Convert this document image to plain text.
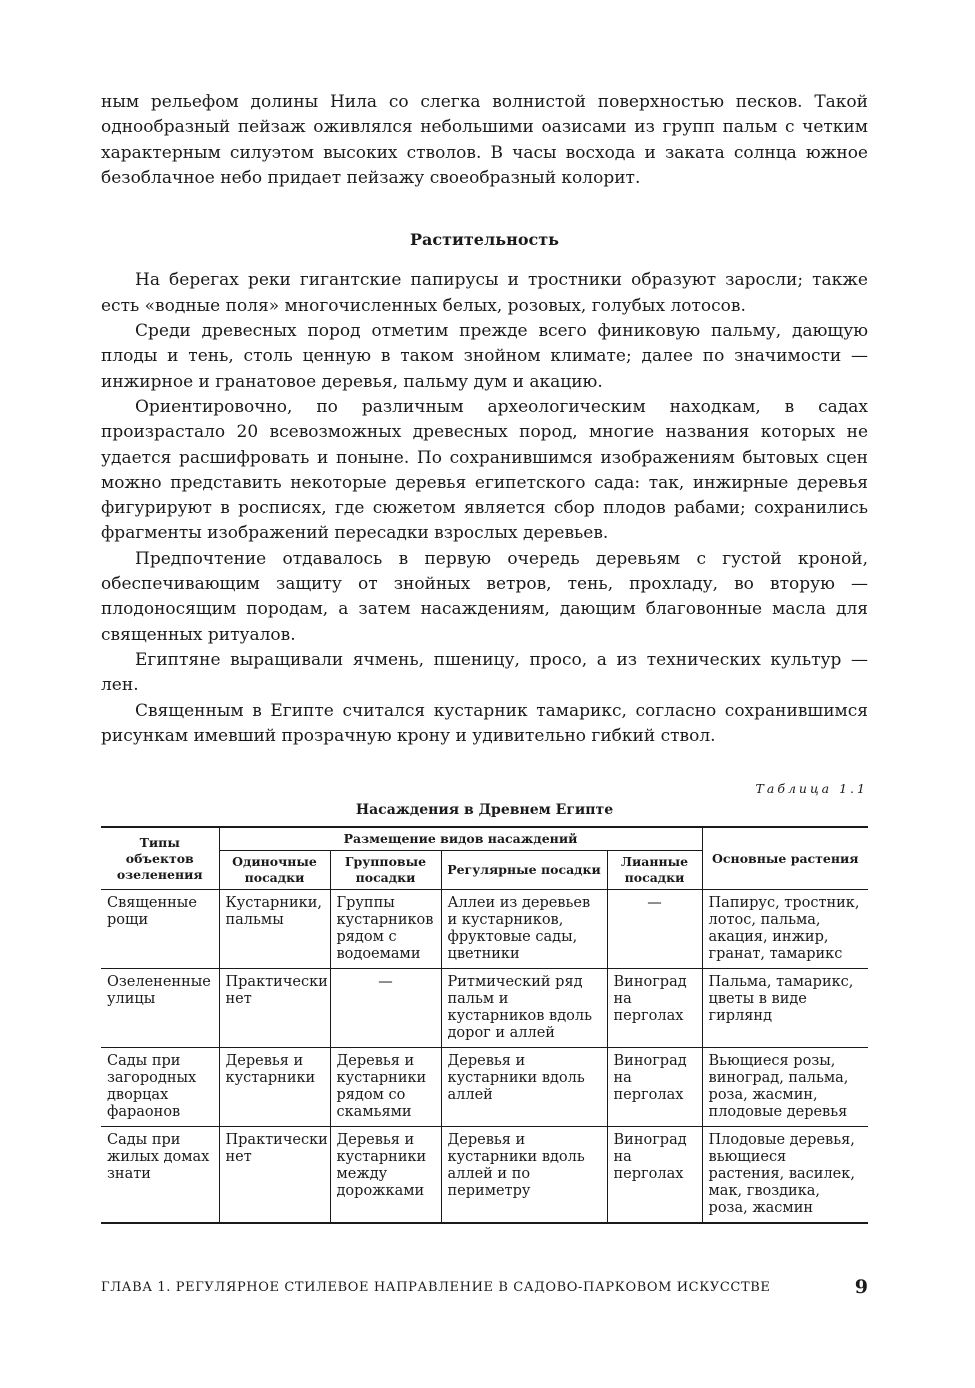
ным рельефом долины Нила со слегка волнистой поверхностью песков. Такой однообразный пейзаж оживлялся небольшими оазисами из групп пальм с четким характерным силуэтом высоких стволов. В часы восхода и заката солнца южное безоблачное небо придает пейзажу своеобразный колорит.

Растительность

На берегах реки гигантские папирусы и тростники образуют заросли; также есть «водные поля» многочисленных белых, розовых, голубых лотосов.

Среди древесных пород отметим прежде всего финиковую пальму, дающую плоды и тень, столь ценную в таком знойном климате; далее по значимости — инжирное и гранатовое деревья, пальму дум и акацию.

Ориентировочно, по различным археологическим находкам, в садах произрастало 20 всевозможных древесных пород, многие названия которых не удается расшифровать и поныне. По сохранившимся изображениям бытовых сцен можно представить некоторые деревья египетского сада: так, инжирные деревья фигурируют в росписях, где сюжетом является сбор плодов рабами; сохранились фрагменты изображений пересадки взрослых деревьев.

Предпочтение отдавалось в первую очередь деревьям с густой кроной, обеспечивающим защиту от знойных ветров, тень, прохладу, во вторую — плодоносящим породам, а затем насаждениям, дающим благовонные масла для священных ритуалов.

Египтяне выращивали ячмень, пшеницу, просо, а из технических культур — лен.

Священным в Египте считался кустарник тамарикс, согласно сохранившимся рисункам имевший прозрачную крону и удивительно гибкий ствол.

Таблица 1.1
Насаждения в Древнем Египте
Типы объектов озеленения	Размещение видов насаждений				Основные растения
	Одиночные посадки	Групповые посадки	Регулярные посадки	Лианные посадки	
Священные рощи	Кустарники, пальмы	Группы кустарников рядом с водоемами	Аллеи из деревьев и кустарников, фруктовые сады, цветники	—	Папирус, тростник, лотос, пальма, акация, инжир, гранат, тамарикс
Озелененные улицы	Практически нет	—	Ритмический ряд пальм и кустарников вдоль дорог и аллей	Виноград на перголах	Пальма, тамарикс, цветы в виде гирлянд
Сады при загородных дворцах фараонов	Деревья и кустарники	Деревья и кустарники рядом со скамьями	Деревья и кустарники вдоль аллей	Виноград на перголах	Вьющиеся розы, виноград, пальма, роза, жасмин, плодовые деревья
Сады при жилых домах знати	Практически нет	Деревья и кустарники между дорожками	Деревья и кустарники вдоль аллей и по периметру	Виноград на перголах	Плодовые деревья, вьющиеся растения, василек, мак, гвоздика, роза, жасмин
ГЛАВА 1. РЕГУЛЯРНОЕ СТИЛЕВОЕ НАПРАВЛЕНИЕ В САДОВО-ПАРКОВОМ ИСКУССТВЕ	9
